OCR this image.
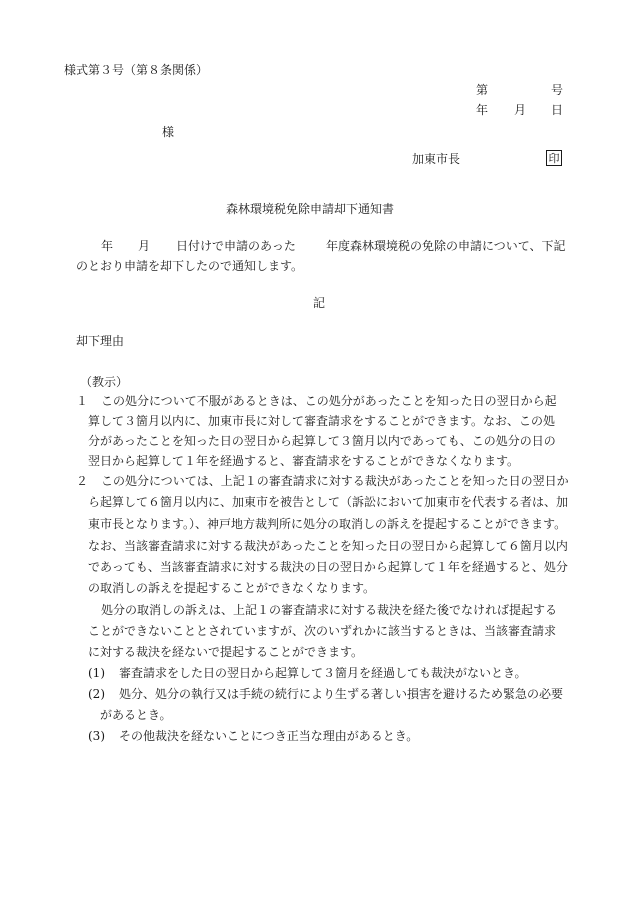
様式第３号（第８条関係）
第	号
年 月 日
様
加東市長	印
森林環境税免除申請却下通知書
年 月 日付けで申請のあった	年度森林環境税の免除の申請について、下記
のとおり申請を却下したので通知します。
記
却下理由
（教示）
１ この処分について不服があるときは、この処分があったことを知った日の翌日から起
算して３箇月以内に、加東市長に対して審査請求をすることができます。なお、この処
分があったことを知った日の翌日から起算して３箇月以内であっても、この処分の日の
翌日から起算して１年を経過すると、審査請求をすることができなくなります。
２ この処分については、上記１の審査請求に対する裁決があったことを知った日の翌日か
ら起算して６箇月以内に、加東市を被告として（訴訟において加東市を代表する者は、加
東市長となります。）、神戸地方裁判所に処分の取消しの訴えを提起することができます。
なお、当該審査請求に対する裁決があったことを知った日の翌日から起算して６箇月以内
であっても、当該審査請求に対する裁決の日の翌日から起算して１年を経過すると、処分
の取消しの訴えを提起することができなくなります。
処分の取消しの訴えは、上記１の審査請求に対する裁決を経た後でなければ提起する
ことができないこととされていますが、次のいずれかに該当するときは、当該審査請求
に対する裁決を経ないで提起することができます。
(1) 審査請求をした日の翌日から起算して３箇月を経過しても裁決がないとき。
(2) 処分、処分の執行又は手続の続行により生ずる著しい損害を避けるため緊急の必要
があるとき。
(3) その他裁決を経ないことにつき正当な理由があるとき。
